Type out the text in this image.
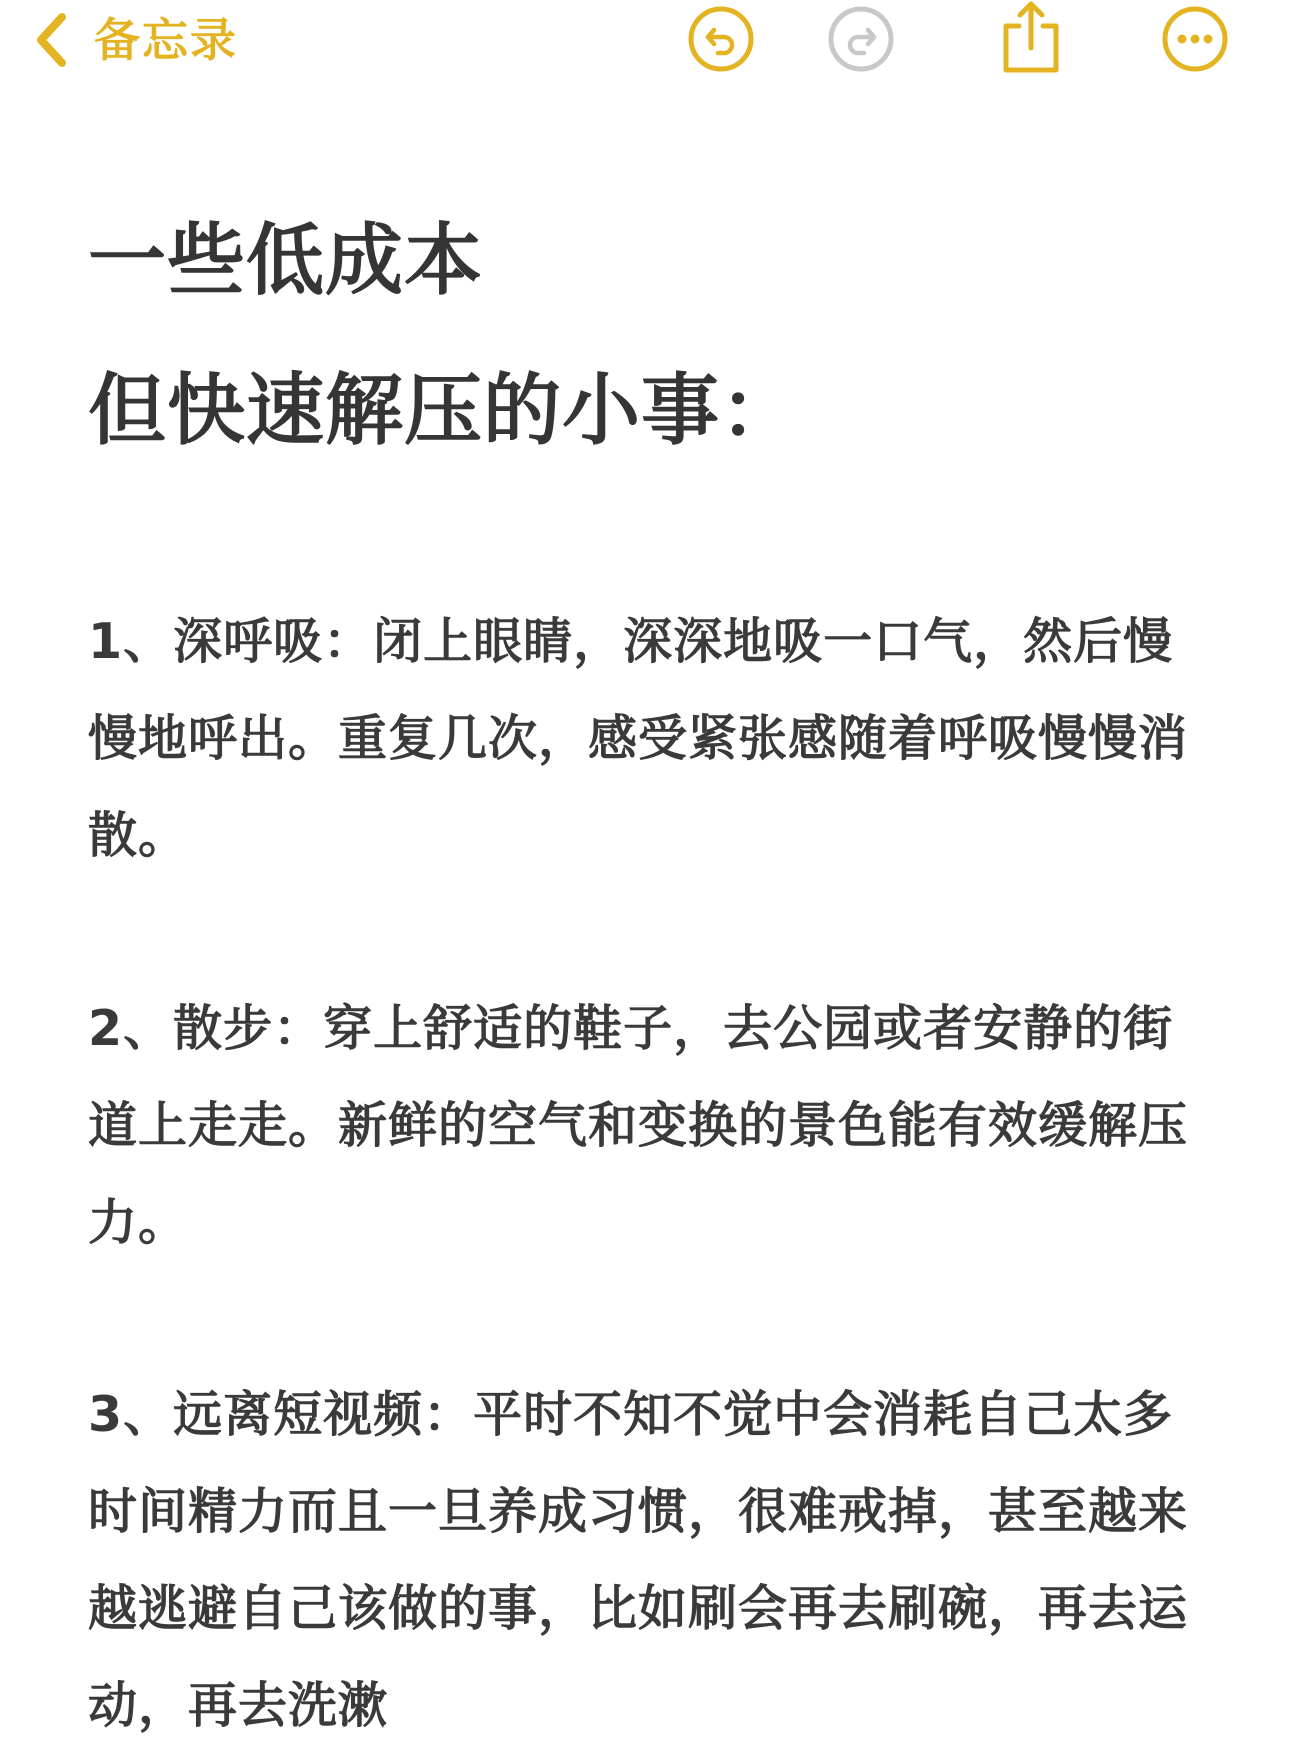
备忘录
一些低成本
但快速解压的小事：

1、深呼吸：闭上眼睛，深深地吸一口气，然后慢慢地呼出。重复几次，感受紧张感随着呼吸慢慢消散。

2、散步：穿上舒适的鞋子，去公园或者安静的街道上走走。新鲜的空气和变换的景色能有效缓解压力。

3、远离短视频：平时不知不觉中会消耗自己太多时间精力而且一旦养成习惯，很难戒掉，甚至越来越逃避自己该做的事，比如刷会再去刷碗，再去运动，再去洗漱
